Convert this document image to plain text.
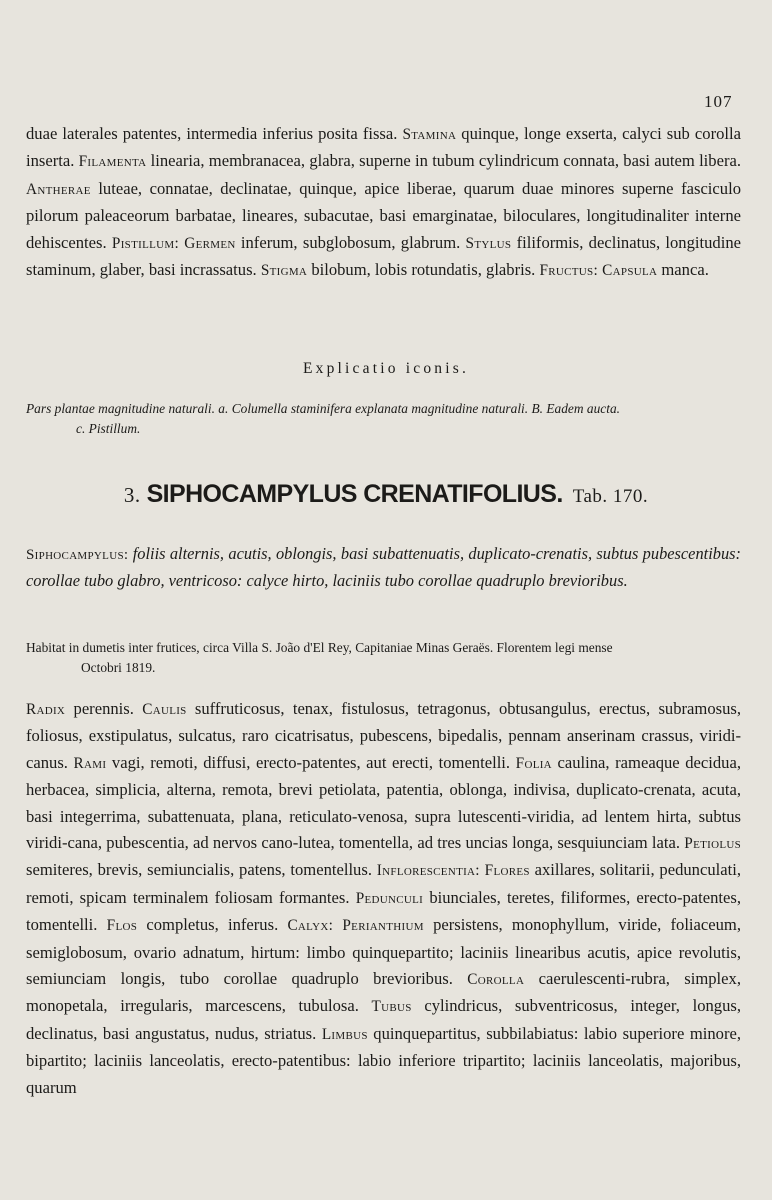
107
duae laterales patentes, intermedia inferius posita fissa. Stamina quinque, longe exserta, calyci sub corolla inserta. Filamenta linearia, membranacea, glabra, superne in tubum cylindricum connata, basi autem libera. Antherae luteae, connatae, declinatae, quinque, apice liberae, quarum duae minores superne fasciculo pilorum paleaceorum barbatae, lineares, subacutae, basi emarginatae, biloculares, longitudinaliter interne dehiscentes. Pistillum: Germen inferum, subglobosum, glabrum. Stylus filiformis, declinatus, longitudine staminum, glaber, basi incrassatus. Stigma bilobum, lobis rotundatis, glabris. Fructus: Capsula manca.
Explicatio iconis.
Pars plantae magnitudine naturali. a. Columella staminifera explanata magnitudine naturali. B. Eadem aucta.
c. Pistillum.
3. SIPHOCAMPYLUS CRENATIFOLIUS. Tab. 170.
Siphocampylus: foliis alternis, acutis, oblongis, basi subattenuatis, duplicato-crenatis, subtus pubescentibus: corollae tubo glabro, ventricoso: calyce hirto, laciniis tubo corollae quadruplo brevioribus.
Habitat in dumetis inter frutices, circa Villa S. João d'El Rey, Capitaniae Minas Geraës. Florentem legi mense
Octobri 1819.
Radix perennis. Caulis suffruticosus, tenax, fistulosus, tetragonus, obtusangulus, erectus, subramosus, foliosus, exstipulatus, sulcatus, raro cicatrisatus, pubescens, bipedalis, pennam anserinam crassus, viridi-canus. Rami vagi, remoti, diffusi, erecto-patentes, aut erecti, tomentelli. Folia caulina, rameaque decidua, herbacea, simplicia, alterna, remota, brevi petiolata, patentia, oblonga, indivisa, duplicato-crenata, acuta, basi integerrima, subattenuata, plana, reticulato-venosa, supra lutescenti-viridia, ad lentem hirta, subtus viridi-cana, pubescentia, ad nervos cano-lutea, tomentella, ad tres uncias longa, sesquiunciam lata. Petiolus semiteres, brevis, semiuncialis, patens, tomentellus. Inflorescentia: Flores axillares, solitarii, pedunculati, remoti, spicam terminalem foliosam formantes. Pedunculi biunciales, teretes, filiformes, erecto-patentes, tomentelli. Flos completus, inferus. Calyx: Perianthium persistens, monophyllum, viride, foliaceum, semiglobosum, ovario adnatum, hirtum: limbo quinquepartito; laciniis linearibus acutis, apice revolutis, semiunciam longis, tubo corollae quadruplo brevioribus. Corolla caerulescenti-rubra, simplex, monopetala, irregularis, marcescens, tubulosa. Tubus cylindricus, subventricosus, integer, longus, declinatus, basi angustatus, nudus, striatus. Limbus quinquepartitus, subbilabiatus: labio superiore minore, bipartito; laciniis lanceolatis, erecto-patentibus: labio inferiore tripartito; laciniis lanceolatis, majoribus, quarum
